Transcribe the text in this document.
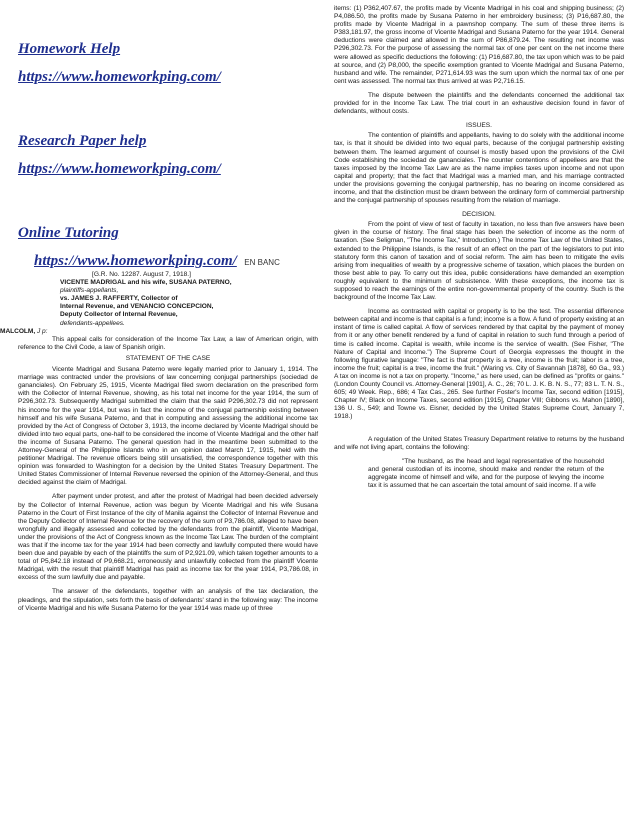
Homework Help
https://www.homeworkping.com/
Research Paper help
https://www.homeworkping.com/
Online Tutoring
https://www.homeworkping.com/ EN BANC
[G.R. No. 12287. August 7, 1918.]
VICENTE MADRIGAL and his wife, SUSANA PATERNO,
plaintiffs-appellants,
vs. JAMES J. RAFFERTY, Collector of
Internal Revenue, and VENANCIO CONCEPCION,
Deputy Collector of Internal Revenue,
defendants-appellees.
MALCOLM, J p:

This appeal calls for consideration of the Income Tax Law, a law of American origin, with reference to the Civil Code, a law of Spanish origin.

STATEMENT OF THE CASE

Vicente Madrigal and Susana Paterno were legally married prior to January 1, 1914. The marriage was contracted under the provisions of law concerning conjugal partnerships (sociedad de gananciales). On February 25, 1915, Vicente Madrigal filed sworn declaration on the prescribed form with the Collector of Internal Revenue, showing, as his total net income for the year 1914, the sum of P296,302.73. Subsequently Madrigal submitted the claim that the said P296,302.73 did not represent his income for the year 1914, but was in fact the income of the conjugal partnership existing between himself and his wife Susana Paterno, and that in computing and assessing the additional income tax provided by the Act of Congress of October 3, 1913, the income declared by Vicente Madrigal should be divided into two equal parts, one-half to be considered the income of Vicente Madrigal and the other half the income of Susana Paterno. The general question had in the meantime been submitted to the Attorney-General of the Philippine Islands who in an opinion dated March 17, 1915, held with the petitioner Madrigal. The revenue officers being still unsatisfied, the correspondence together with this opinion was forwarded to Washington for a decision by the United States Treasury Department. The United States Commissioner of Internal Revenue reversed the opinion of the Attorney-General, and thus decided against the claim of Madrigal.

After payment under protest, and after the protest of Madrigal had been decided adversely by the Collector of Internal Revenue, action was begun by Vicente Madrigal and his wife Susana Paterno in the Court of First Instance of the city of Manila against the Collector of Internal Revenue and the Deputy Collector of Internal Revenue for the recovery of the sum of P3,786.08, alleged to have been wrongfully and illegally assessed and collected by the defendants from the plaintiff, Vicente Madrigal, under the provisions of the Act of Congress known as the Income Tax Law. The burden of the complaint was that if the income tax for the year 1914 had been correctly and lawfully computed there would have been due and payable by each of the plaintiffs the sum of P2,921.09, which taken together amounts to a total of P5,842.18 instead of P9,668.21, erroneously and unlawfully collected from the plaintiff Vicente Madrigal, with the result that plaintiff Madrigal has paid as income tax for the year 1914, P3,786.08, in excess of the sum lawfully due and payable.

The answer of the defendants, together with an analysis of the tax declaration, the pleadings, and the stipulation, sets forth the basis of defendants' stand in the following way: The income of Vicente Madrigal and his wife Susana Paterno for the year 1914 was made up of three

items: (1) P362,407.67, the profits made by Vicente Madrigal in his coal and shipping business; (2) P4,086.50, the profits made by Susana Paterno in her embroidery business; (3) P16,687.80, the profits made by Vicente Madrigal in a pawnshop company. The sum of these three items is P383,181.97, the gross income of Vicente Madrigal and Susana Paterno for the year 1914. General deductions were claimed and allowed in the sum of P86,879.24. The resulting net income was P296,302.73. For the purpose of assessing the normal tax of one per cent on the net income there were allowed as specific deductions the following: (1) P16,687.80, the tax upon which was to be paid at source, and (2) P8,000, the specific exemption granted to Vicente Madrigal and Susana Paterno, husband and wife. The remainder, P271,614.93 was the sum upon which the normal tax of one per cent was assessed. The normal tax thus arrived at was P2,716.15.

The dispute between the plaintiffs and the defendants concerned the additional tax provided for in the Income Tax Law. The trial court in an exhaustive decision found in favor of defendants, without costs.

ISSUES.

The contention of plaintiffs and appellants, having to do solely with the additional income tax, is that it should be divided into two equal parts, because of the conjugal partnership existing between them. The learned argument of counsel is mostly based upon the provisions of the Civil Code establishing the sociedad de gananciales. The counter contentions of appellees are that the taxes imposed by the Income Tax Law are as the name implies taxes upon income and not upon capital and property; that the fact that Madrigal was a married man, and his marriage contracted under the provisions governing the conjugal partnership, has no bearing on income considered as income, and that the distinction must be drawn between the ordinary form of commercial partnership and the conjugal partnership of spouses resulting from the relation of marriage.

DECISION.

From the point of view of test of faculty in taxation, no less than five answers have been given in the course of history. The final stage has been the selection of income as the norm of taxation. (See Seligman, "The Income Tax," Introduction.) The Income Tax Law of the United States, extended to the Philippine Islands, is the result of an effect on the part of the legislators to put into statutory form this canon of taxation and of social reform. The aim has been to mitigate the evils arising from inequalities of wealth by a progressive scheme of taxation, which places the burden on those best able to pay. To carry out this idea, public considerations have demanded an exemption roughly equivalent to the minimum of subsistence. With these exceptions, the income tax is supposed to reach the earnings of the entire non-governmental property of the country. Such is the background of the Income Tax Law.

Income as contrasted with capital or property is to be the test. The essential difference between capital and income is that capital is a fund; income is a flow. A fund of property existing at an instant of time is called capital. A flow of services rendered by that capital by the payment of money from it or any other benefit rendered by a fund of capital in relation to such fund through a period of time is called income. Capital is wealth, while income is the service of wealth. (See Fisher, "The Nature of Capital and Income.") The Supreme Court of Georgia expresses the thought in the following figurative language: "The fact is that property is a tree, income is the fruit; labor is a tree, income the fruit; capital is a tree, income the fruit." (Waring vs. City of Savannah [1878], 60 Ga., 93.) A tax on income is not a tax on property. "Income," as here used, can be defined as "profits or gains." (London County Council vs. Attorney-General [1901], A. C., 26; 70 L. J. K. B. N. S., 77; 83 L. T. N. S., 605; 49 Week. Rep., 686; 4 Tax Cas., 265. See further Foster's Income Tax, second edition [1915], Chapter IV; Black on Income Taxes, second edition [1915], Chapter VIII; Gibbons vs. Mahon [1890], 136 U. S., 549; and Towne vs. Eisner, decided by the United States Supreme Court, January 7, 1918.)

A regulation of the United States Treasury Department relative to returns by the husband and wife not living apart, contains the following:

"The husband, as the head and legal representative of the household and general custodian of its income, should make and render the return of the aggregate income of himself and wife, and for the purpose of levying the income tax it is assumed that he can ascertain the total amount of said income. If a wife
